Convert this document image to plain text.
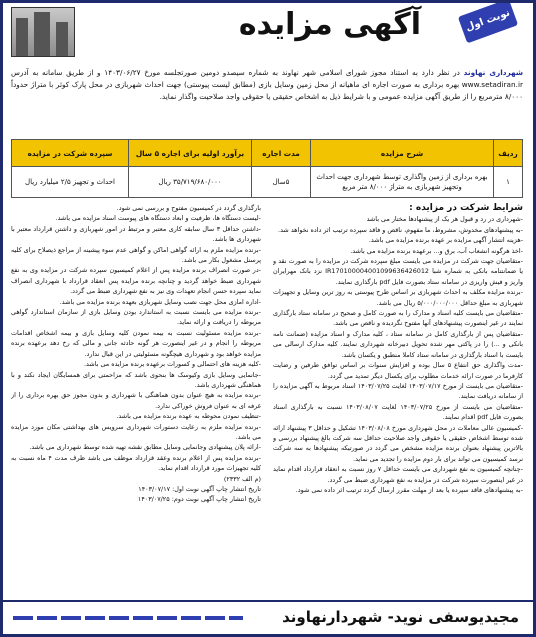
نوبت اول
آگهی مزایده
شهرداری نهاوند در نظر دارد به استناد مجوز شورای اسلامی شهر نهاوند به شماره سیصدو دومین صورتجلسه مورخ ۱۴۰۳/۰۶/۲۷ و از طریق سامانه به آدرس www.setadiran.ir بهره برداری به صورت اجاره ای ماهیانه از محل زمین وسایل بازی (مطابق لیست پیوستی) جهت احداث شهربازی در محل پارک کوثر با متراژ حدوداً ۸/۰۰۰ مترمربع را از طریق آگهی مزایده عمومی و با شرایط ذیل به اشخاص حقیقی یا حقوقی واجد صلاحیت واگذار نماید.
ردیف	شرح مزایده	مدت اجاره	برآورد اولیه برای اجاره ۵ سال	سپرده شرکت در مزایده
۱	بهره برداری از زمین واگذاری توسط شهرداری جهت احداث وتجهیز شهربازی به متراژ ۸/۰۰۰ متر مربع	۵سال	۳۵/۷۱۹/۶۸۰/۰۰۰ ریال	احداث و تجهیز ۲/۵ میلیارد ریال
شرایط شرکت در مزایده :

-شهرداری در رد و قبول هر یک از پیشنهادها مختار می باشد

-به پیشنهادهای مخدوش، مشروط، ما مفهوم، ناقص و فاقد سپرده ترتیب اثر داده نخواهد شد.

-هزینه انتشار آگهی مزایده بر عهده برنده مزایده می باشد.

-اخذ هرگونه انشعاب آب، برق و... برعهده برنده مزایده می باشد.

-متقاضیان جهت شرکت در مزایده می بایست مبلغ سپرده شرکت در مزایده را به صورت نقد و یا ضمانتنامه بانکی به شماره شبا IR170100004001099636426012 نزد بانک مهرایران واریز و فیش واریزی در سامانه ستاد بصورت فایل pdf بارگذاری نمایند.

-برنده مزایده مکلف به احداث شهربازی بر اساس طرح پیوستی به روز ترین وسایل و تجهیزات شهربازی به مبلغ حداقل ۵/۰۰۰/۰۰۰/۰۰۰ ریال می باشد.

-متقاضیان می بایست کلیه اسناد و مدارک را به صورت کامل و صحیح در سامانه ستاد بارگذاری نمایند در غیر اینصورت پیشنهادهای آنها مفتوح نگردیده و ناقص می باشد.

-متقاضیان پس از بارگذاری کامل در سامانه ستاد ، کلیه مدارک و اسناد مزایده (ضمانت نامه بانکی و ...) را در پاکتی مهر شده تحویل دبیرخانه شهرداری نمایند. کلیه مدارک ارسالی می بایست با اسناد بارگذاری در سامانه ستاد کاملا منطبق و یکسان باشد.

-مدت واگذاری حق انتفاع ۵ سال بوده و افزایش سنوات بر اساس توافق طرفین و رضایت کارفرما در صورت ارائه خدمات مطلوب برای یکسال دیگر تمدید می گردد.

-متقاضیان می بایست از مورخ ۱۴۰۳/۰۷/۱۷ لغایت ۱۴۰۳/۰۷/۲۵ اسناد مربوط به آگهی مزایده را از سامانه دریافت نمایند.

-متقاضیان می بایست از مورخ ۱۴۰۳/۰۷/۲۵ لغایت ۱۴۰۳/۰۸/۰۷ نسبت به بارگذاری اسناد بصورت فایل pdf اقدام نمایند.

-کمیسیون عالی معاملات در محل شهرداری مورخ ۱۴۰۳/۰۸/۰۸ تشکیل و حداقل ۳ پیشنهاد ارائه شده توسط اشخاص حقیقی یا حقوقی واجد صلاحیت حداقل سه شرکت بالغ پیشنهاد بررسی و بالاترین پیشنهاد بعنوان برنده مزایده مشخص می گردد در صورتیکه پیشنهادها به سه شرکت نرسد کمیسیون می تواند برای بار دوم مزایده را تجدید می نماید.

-چنانچه کمیسیون به نفع شهرداری می بایست حداقل ۷ روز نسبت به انعقاد قرارداد اقدام نماید در غیر اینصورت سپرده شرکت در مزایده به نفع شهرداری ضبط می گردد.

-به پیشنهادهای فاقد سپرده یا بعد از مهلت مقرر ارسال گردد ترتیب اثر داده نمی شود.

بارگذاری گردد در کمیسیون مفتوح و بررسی نمی شود.

-لیست دستگاه ها، ظرفیت و ابعاد دستگاه های پیوست اسناد مزایده می باشد.

-داشتن حداقل ۳ سال سابقه کاری معتبر و مرتبط در امور شهربازی و داشتن قرارداد معتبر با شهرداری ها باشد.

-برنده مزایده ملزم به ارائه گواهی اماکن و گواهی عدم سوء پیشینه از مراجع ذیصلاح برای کلیه پرسنل مشغول بکار می باشد.

-در صورت انصراف برنده مزایده پس از اعلام کمیسیون سپرده شرکت در مزایده وی به نفع شهرداری ضبط خواهد گردید و چنانچه برنده مزایده پس انعقاد قرارداد با شهرداری انصراف نماید سپرده حسن انجام تعهدات وی نیز به نفع شهرداری ضبط می گردد.

-اداره امازی محل جهت نصب وسایل شهربازی بعهده برنده مزایده می باشد.

-برنده مزایده می بایست نسبت به استاندارد بودن وسایل بازی از سازمان استاندارد گواهی مربوطه را دریافت و ارائه نماید.

-برنده مزایده مسئولیت نسبت به بیمه نمودن کلیه وسایل بازی و بیمه اشخاص اقدامات مربوطه را انجام و در غیر اینصورت هر گونه حادثه جانی و مالی که رخ دهد برعهده برنده مزایده خواهد بود و شهرداری هیچگونه مسئولیتی در این قبال ندارد.

-کلیه هزینه های احتمالی و کسورات برعهده برنده مزایده می باشد.

-جانمایی وسایل بازی وکیوسک ها بنحوی باشد که مزاحمتی برای همسایگان ایجاد نکند و با هماهنگی شهرداری باشد.

-برنده مزایده به هیچ عنوان بدون هماهنگی با شهرداری و بدون مجوز حق بهره برداری را از غرفه ای به عنوان فروش خوراکی ندارد.

-تنظیف نمودن محوطه به عهده برنده مزایده می باشد.

-برنده مزایده ملزم به رعایت دستورات شهرداری سرویس های بهداشتی مکان مورد مزایده می باشد.

-ارائه پلان پیشنهادی وجانمایی وسایل مطابق نقشه تهیه شده توسط شهرداری می باشد.

-برنده مزایده پس از اعلام برنده وعقد قرارداد موظف می باشد ظرف مدت ۴ ماه نسبت به کلیه تجهیزات مورد قرارداد اقدام نماید.

(م الف ۲۳۳۲)

تاریخ انتشار چاپ آگهی نوبت اول: ۱۴۰۳/۰۷/۱۷

تاریخ انتشار چاپ آگهی نوبت دوم: ۱۴۰۳/۰۷/۲۵

مجیدیوسفی نوید- شهردارنهاوند
